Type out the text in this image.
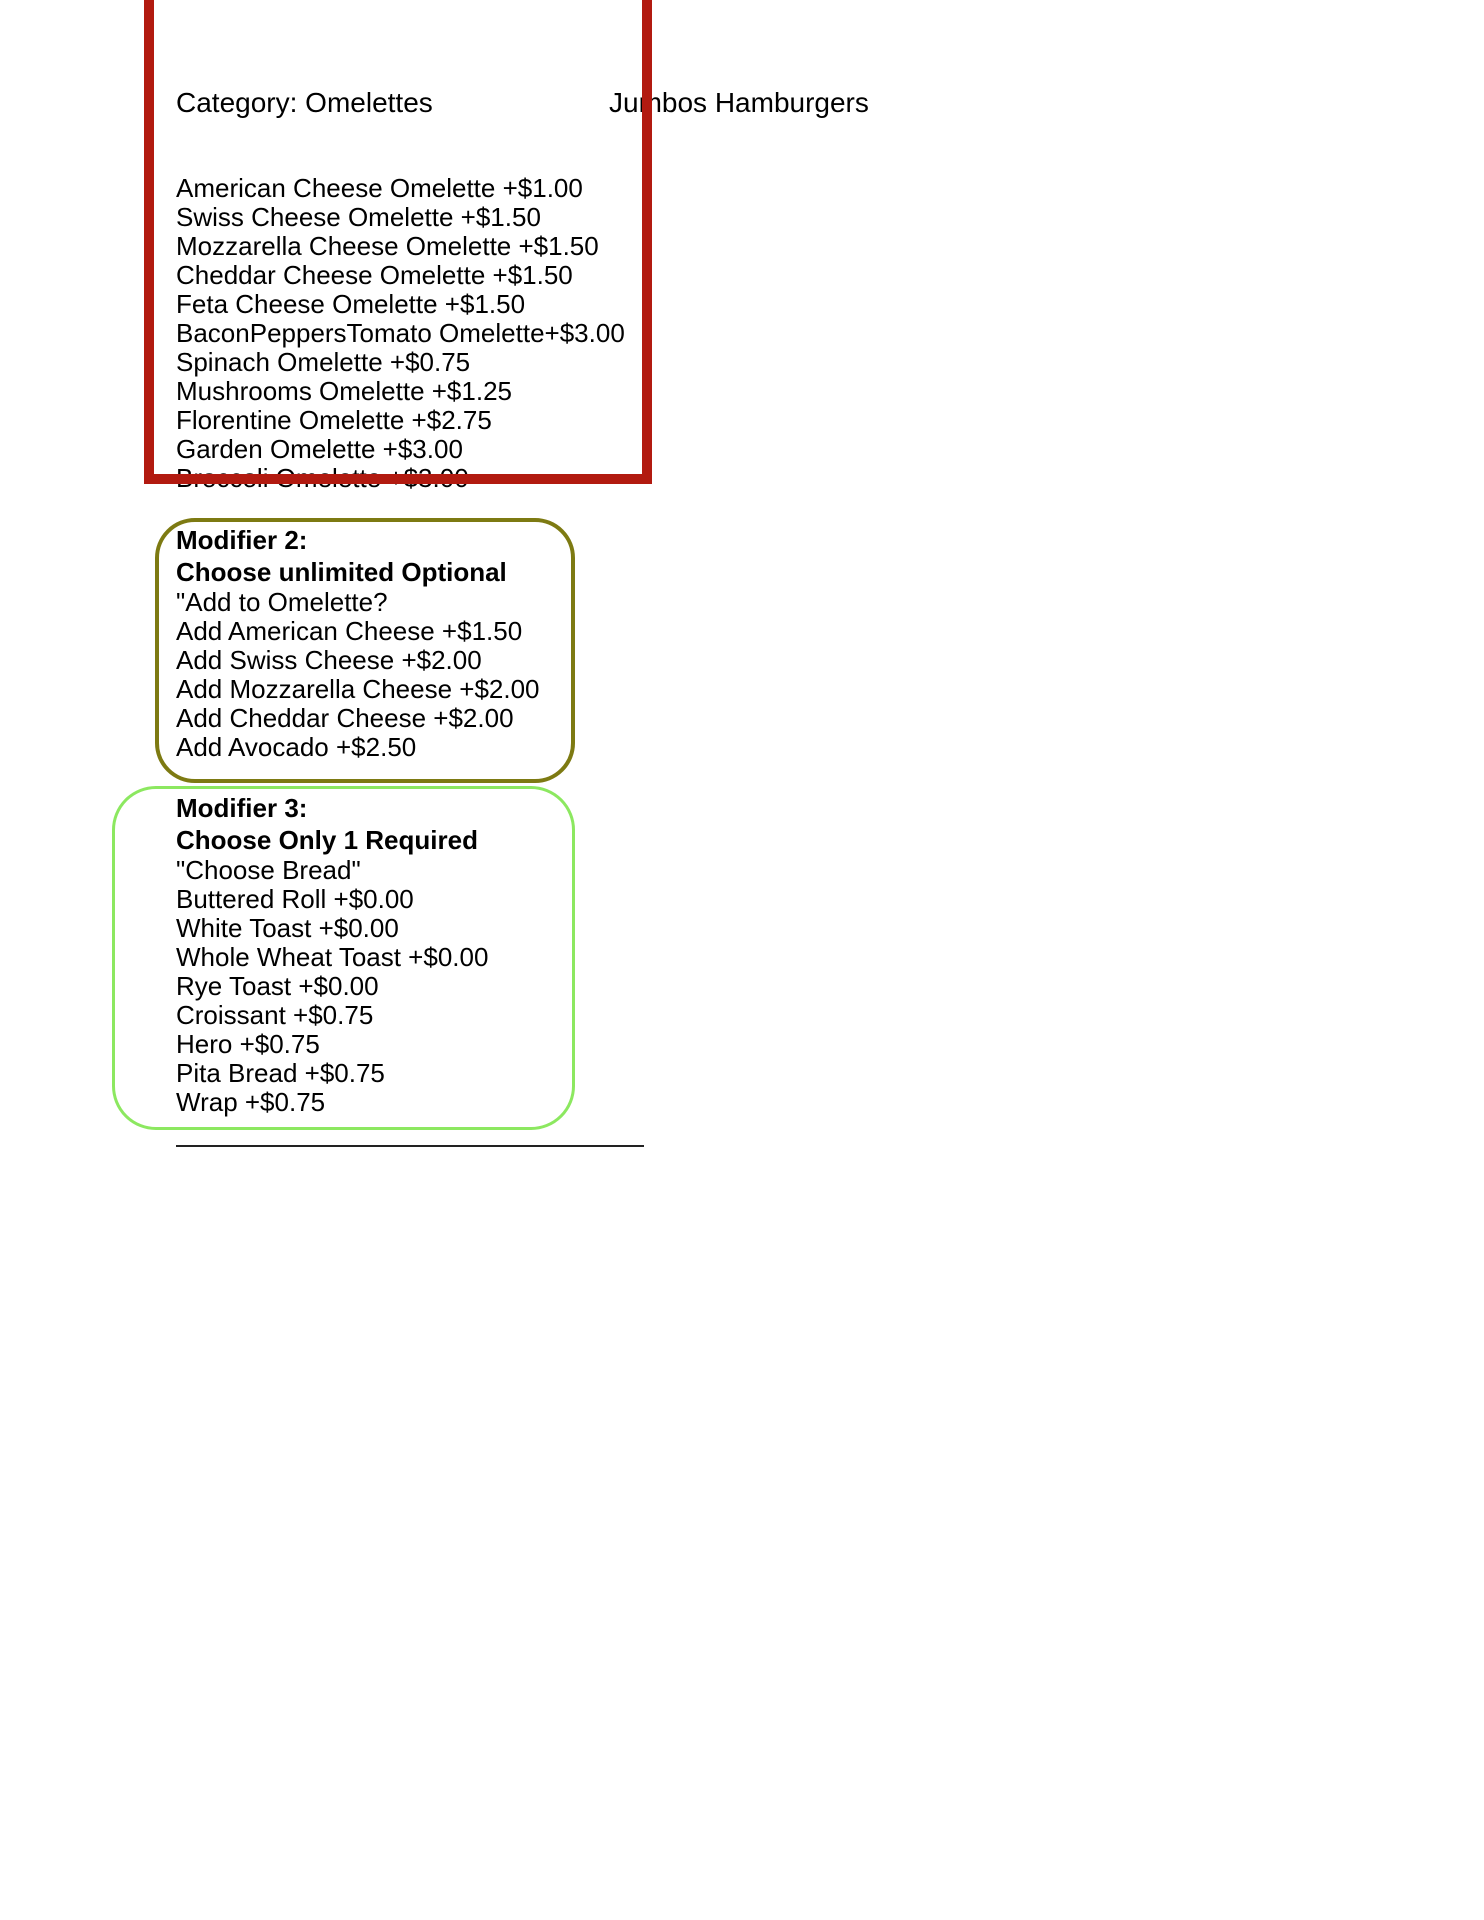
Category: Omelettes	Jumbos Hamburgers
American Cheese Omelette +$1.00
Swiss Cheese Omelette +$1.50
Mozzarella Cheese Omelette +$1.50
Cheddar Cheese Omelette +$1.50
Feta Cheese Omelette +$1.50
BaconPeppersTomato Omelette+$3.00
Spinach Omelette +$0.75
Mushrooms Omelette +$1.25
Florentine Omelette +$2.75
Garden Omelette +$3.00
Broccoli Omelette +$3.00
Modifier 2:
Choose unlimited Optional
"Add to Omelette?
Add American Cheese +$1.50
Add Swiss Cheese +$2.00
Add Mozzarella Cheese +$2.00
Add Cheddar Cheese +$2.00
Add Avocado +$2.50
Modifier 3:
Choose Only 1 Required
"Choose Bread"
Buttered Roll +$0.00
White Toast +$0.00
Whole Wheat Toast +$0.00
Rye Toast +$0.00
Croissant +$0.75
Hero +$0.75
Pita Bread +$0.75
Wrap +$0.75
